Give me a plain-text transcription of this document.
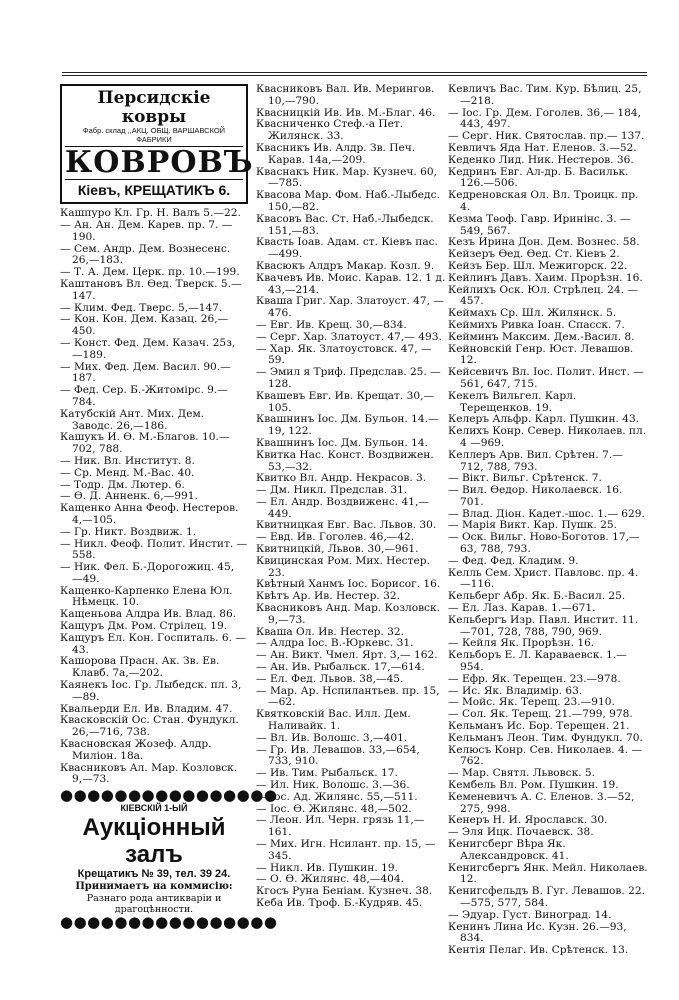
Персидскіе ковры
Фабр. склад ,,АКЦ. ОБЩ. ВАРШАВСКОЙ ФАБРИКИ
КОВРОВЪ
Кіевъ, КРЕЩАТИКЪ 6.

Кашпуро Кл. Гр. Н. Валъ 5.—22.

— Ан. Ан. Дем. Карев. пр. 7. —190.

— Сем. Андр. Дем. Вознесенс. 26,—183.

— Т. А. Дем. Церк. пр. 10.—199.

Каштановъ Вл. Өед. Тверск. 5.—147.

— Клим. Фед. Тверс. 5,—147.

— Кон. Кон. Дем. Казац. 26,—450.

— Конст. Фед. Дем. Казач. 25з, —189.

— Мих. Фед. Дем. Васил. 90.—187.

— Фед. Сер. Б.-Житомірс. 9.—784.

Катубскій Ант. Мих. Дем. Заводс. 26,—186.

Кашукъ И. Ѳ. М.-Благов. 10.—702, 788.

— Ник. Вл. Институт. 8.

— Ср. Менд. М.-Вас. 40.

— Тодр. Дм. Лютер. 6.

— Ѳ. Д. Анненк. 6,—991.

Кащенко Анна Феоф. Нестеров. 4,—105.

— Гр. Никт. Воздвиж. 1.

— Никл. Феоф. Полит. Инстит. —558.

— Ник. Фел. Б.-Дорогожиц. 45, —49.

Кащенко-Карпенко Елена Юл. Нѣмецк. 10.

Кащеньова Алдра Ив. Влад. 86.

Кащуръ Дм. Ром. Стрілец. 19.

Кащуръ Ел. Кон. Госпиталь. 6. —43.

Кашорова Прасн. Ак. Зв. Ев. Клавб. 7а,—202.

Каянекъ Іос. Гр. Лыбедск. пл. 3, —89.

Квальерди Ел. Ив. Владим. 47.

Квасковскій Ос. Стан. Фундукл. 26,—716, 738.

Квасновская Жозеф. Алдр. Миліон. 18а.

Квасниковъ Ал. Мар. Козловск. 9,—73.

●●●●●●●●●●●●●●●●
КІЕВСКІЙ 1-ЫЙ
Аукціонный залъ
Крещатикъ № 39, тел. 39 24.
Принимаетъ на коммисію:
Разнаго рода антикваріи и драгоцѣнности.
●●●●●●●●●●●●●●●●

Квасниковъ Вал. Ив. Мерингов. 10,—790.

Квасницкій Ив. Ив. М.-Благ. 46.

Квасниченко Стеф.-а Пет. Жилянск. 33.

Квасникъ Ив. Алдр. Зв. Печ. Карав. 14а,—209.

Кваснакъ Ник. Мар. Кузнеч. 60, —785.

Квасова Мар. Фом. Наб.-Лыбедс. 150,—82.

Квасовъ Вас. Ст. Наб.-Лыбедск. 151,—83.

Квасть Іоав. Адам. ст. Кіевъ пас. —499.

Квасюкъ Алдръ Макар. Козл. 9.

Квачевъ Ив. Моис. Карав. 12. 1 д. 43,—214.

Кваша Григ. Хар. Златоуст. 47, —476.

— Евг. Ив. Крещ. 30,—834.

— Серг. Хар. Златоуст. 47,— 493.

— Хар. Як. Златоустовск. 47, —59.

— Эмил я Триф. Предслав. 25. —128.

Квашевъ Евг. Ив. Крещат. 30,— 105.

Квашнинъ Іос. Дм. Бульон. 14.— 19, 122.

Квашнинъ Іос. Дм. Бульон. 14.

Квитка Нас. Конст. Воздвижен. 53,—32.

Квитко Вл. Андр. Некрасов. 3.

— Дм. Никл. Предслав. 31.

— Ел. Андр. Воздвиженс. 41,— 449.

Квитницкая Евг. Вас. Львов. 30.

— Евд. Ив. Гоголев. 46,—42.

Квитницкій, Львов. 30,—961.

Квицинская Ром. Мих. Нестер. 23.

Квѣтный Ханмъ Іос. Борисог. 16.

Квѣтъ Ар. Ив. Нестер. 32.

Квасниковъ Анд. Мар. Козловск. 9,—73.

Кваша Ол. Ив. Нестер. 32.

— Алдра Іос. В.-Юркевс. 31.

— Ан. Викт. Чмел. Ярт. 3,— 162.

— Ан. Ив. Рыбальск. 17,—614.

— Ел. Фед. Львов. 38,—45.

— Мар. Ар. Нспилантьев. пр. 15,—62.

Квятковскій Вас. Илл. Дем. Наливайк. 1.

— Вл. Ив. Волошс. 3,—401.

— Гр. Ив. Левашов. 33,—654, 733, 910.

— Ив. Тим. Рыбальск. 17.

— Ил. Ник. Волошс. 3.—36.

— Іос. Ад. Жилянс. 55,—511.

— Іос. Ѳ. Жилянс. 48,—502.

— Леон. Ил. Черн. грязь 11,— 161.

— Мих. Игн. Нсилант. пр. 15, —345.

— Никл. Ив. Пушкин. 19.

— О. Ѳ. Жилянс. 48,—404.

Кгосъ Руна Беніам. Кузнеч. 38.

Кеба Ив. Троф. Б.-Кудряв. 45.

Кевличъ Вас. Тим. Кур. Бѣлиц. 25,—218.

— Іос. Гр. Дем. Гоголев. 36,— 184, 443, 497.

— Серг. Ник. Святослав. пр.— 137.

Кевличъ Яда Нат. Еленов. 3.—52.

Кеденко Лид. Ник. Нестеров. 36.

Кедринъ Евг. Ал-др. Б. Васильк. 126.—506.

Кедреновская Ол. Вл. Троицк. пр. 4.

Кезма Тѳоф. Гавр. Иринінс. 3. —549, 567.

Кезъ Ирина Дон. Дем. Вознес. 58.

Кейзеръ Ѳед. Ѳед. Ст. Кіевъ 2.

Кейзъ Бер. Шл. Межигорск. 22.

Кейлинъ Давъ. Хаим. Прорѣзн. 16.

Кейлихъ Оск. Юл. Стрѣлец. 24. —457.

Кеймахъ Ср. Шл. Жилянск. 5.

Кеймихъ Ривка Іоан. Спасск. 7.

Кейминъ Максим. Дем.-Васил. 8.

Кейновскій Генр. Юст. Левашов. 12.

Кейсевичъ Вл. Іос. Полит. Инст. —561, 647, 715.

Кекелъ Вильгел. Карл. Терещенков. 19.

Келеръ Альфр. Карл. Пушкин. 43.

Келихъ Конр. Север. Николаев. пл. 4 —969.

Келлеръ Арв. Вил. Срѣтен. 7.— 712, 788, 793.

— Вікт. Вильг. Срѣтенск. 7.

— Вил. Ѳедор. Николаевск. 16. 701.

— Влад. Діон. Кадет.-шос. 1.— 629.

— Марія Викт. Кар. Пушк. 25.

— Оск. Вильг. Ново-Боготов. 17,—63, 788, 793.

— Фед. Фед. Кладим. 9.

Келль Сем. Христ. Павловс. пр. 4.—116.

Кельберг Абр. Як. Б.-Васил. 25.

— Ел. Лаз. Карав. 1.—671.

Кельбергъ Изр. Павл. Инстит. 11.—701, 728, 788, 790, 969.

— Кейля Як. Прорѣзн. 16.

Кельборъ Е. Л. Караваевск. 1.— 954.

— Ефр. Як. Терещен. 23.—978.

— Ис. Як. Владимір. 63.

— Мойс. Як. Терещ. 23.—910.

— Сол. Як. Терещ. 21.—799, 978.

Кельманъ Ис. Бор. Терещен. 21.

Кельманъ Леон. Тим. Фундукл. 70.

Келюсъ Конр. Сев. Николаев. 4. —762.

— Мар. Святл. Львовск. 5.

Кембель Вл. Ром. Пушкин. 19.

Кеменевичъ А. С. Еленов. 3.—52, 275, 998.

Кенеръ Н. И. Ярославск. 30.

— Эля Ицк. Почаевск. 38.

Кенигсберг Вѣра Як. Александровск. 41.

Кенигсбергъ Янк. Мейл. Николаев. 12.

Кенигсфельдъ В. Гуг. Левашов. 22.—575, 577, 584.

— Эдуар. Густ. Виноград. 14.

Кенинъ Лина Ис. Кузн. 26.—93, 834.

Кентія Пелаг. Ив. Срѣтенск. 13.
